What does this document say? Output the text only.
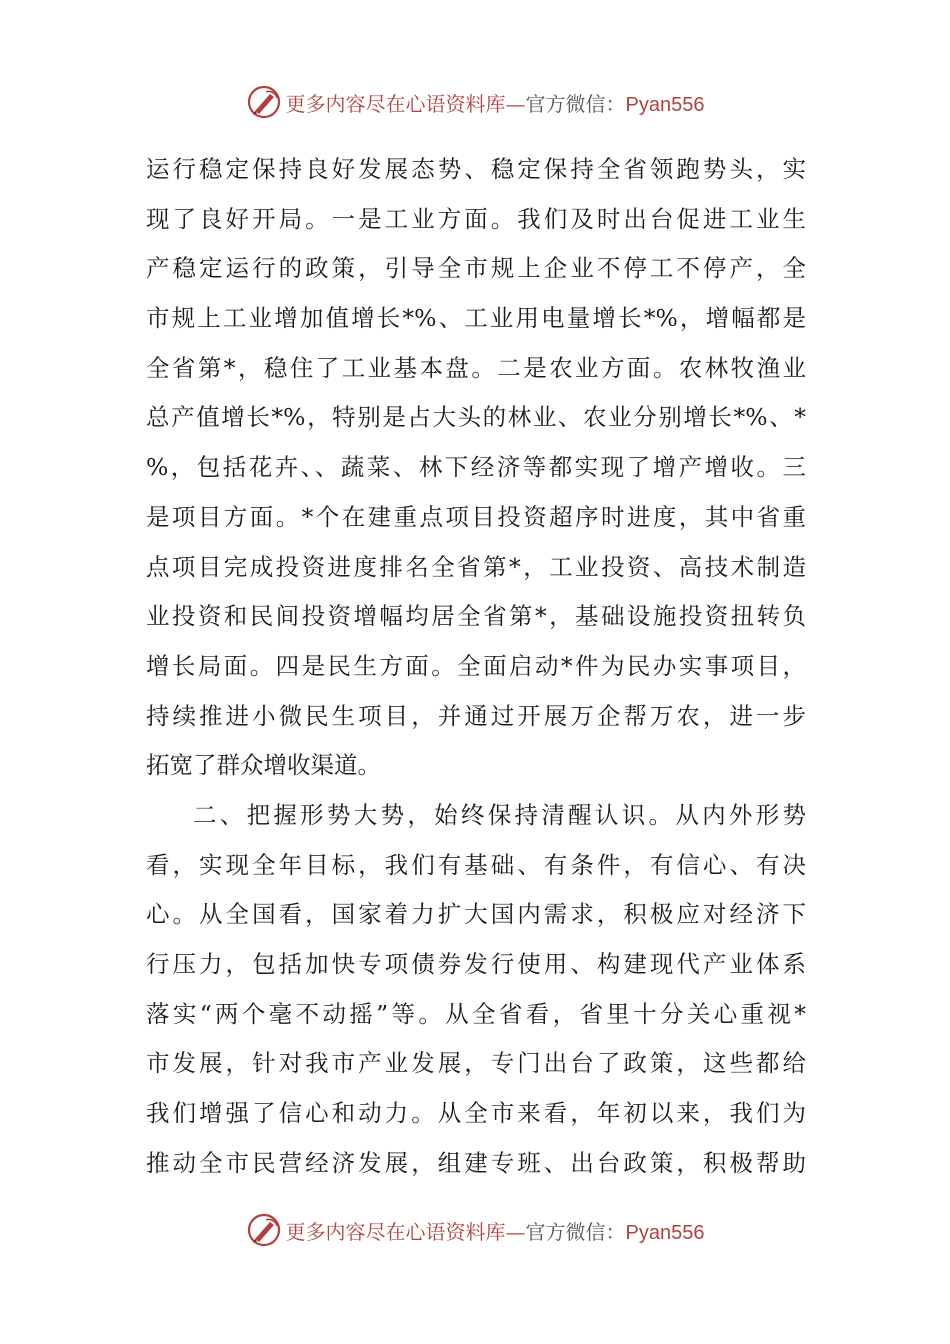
更多内容尽在心语资料库—官方微信：Pyan556
运行稳定保持良好发展态势、稳定保持全省领跑势头，实
现了良好开局。一是工业方面。我们及时出台促进工业生
产稳定运行的政策，引导全市规上企业不停工不停产，全
市规上工业增加值增长*%、工业用电量增长*%，增幅都是
全省第*，稳住了工业基本盘。二是农业方面。农林牧渔业
总产值增长*%，特别是占大头的林业、农业分别增长*%、*
%，包括花卉、、蔬菜、林下经济等都实现了增产增收。三
是项目方面。*个在建重点项目投资超序时进度，其中省重
点项目完成投资进度排名全省第*，工业投资、高技术制造
业投资和民间投资增幅均居全省第*，基础设施投资扭转负
增长局面。四是民生方面。全面启动*件为民办实事项目，
持续推进小微民生项目，并通过开展万企帮万农，进一步
拓宽了群众增收渠道。
二、把握形势大势，始终保持清醒认识。从内外形势
看，实现全年目标，我们有基础、有条件，有信心、有决
心。从全国看，国家着力扩大国内需求，积极应对经济下
行压力，包括加快专项债券发行使用、构建现代产业体系
落实“两个毫不动摇”等。从全省看，省里十分关心重视*
市发展，针对我市产业发展，专门出台了政策，这些都给
我们增强了信心和动力。从全市来看，年初以来，我们为
推动全市民营经济发展，组建专班、出台政策，积极帮助
更多内容尽在心语资料库—官方微信：Pyan556
